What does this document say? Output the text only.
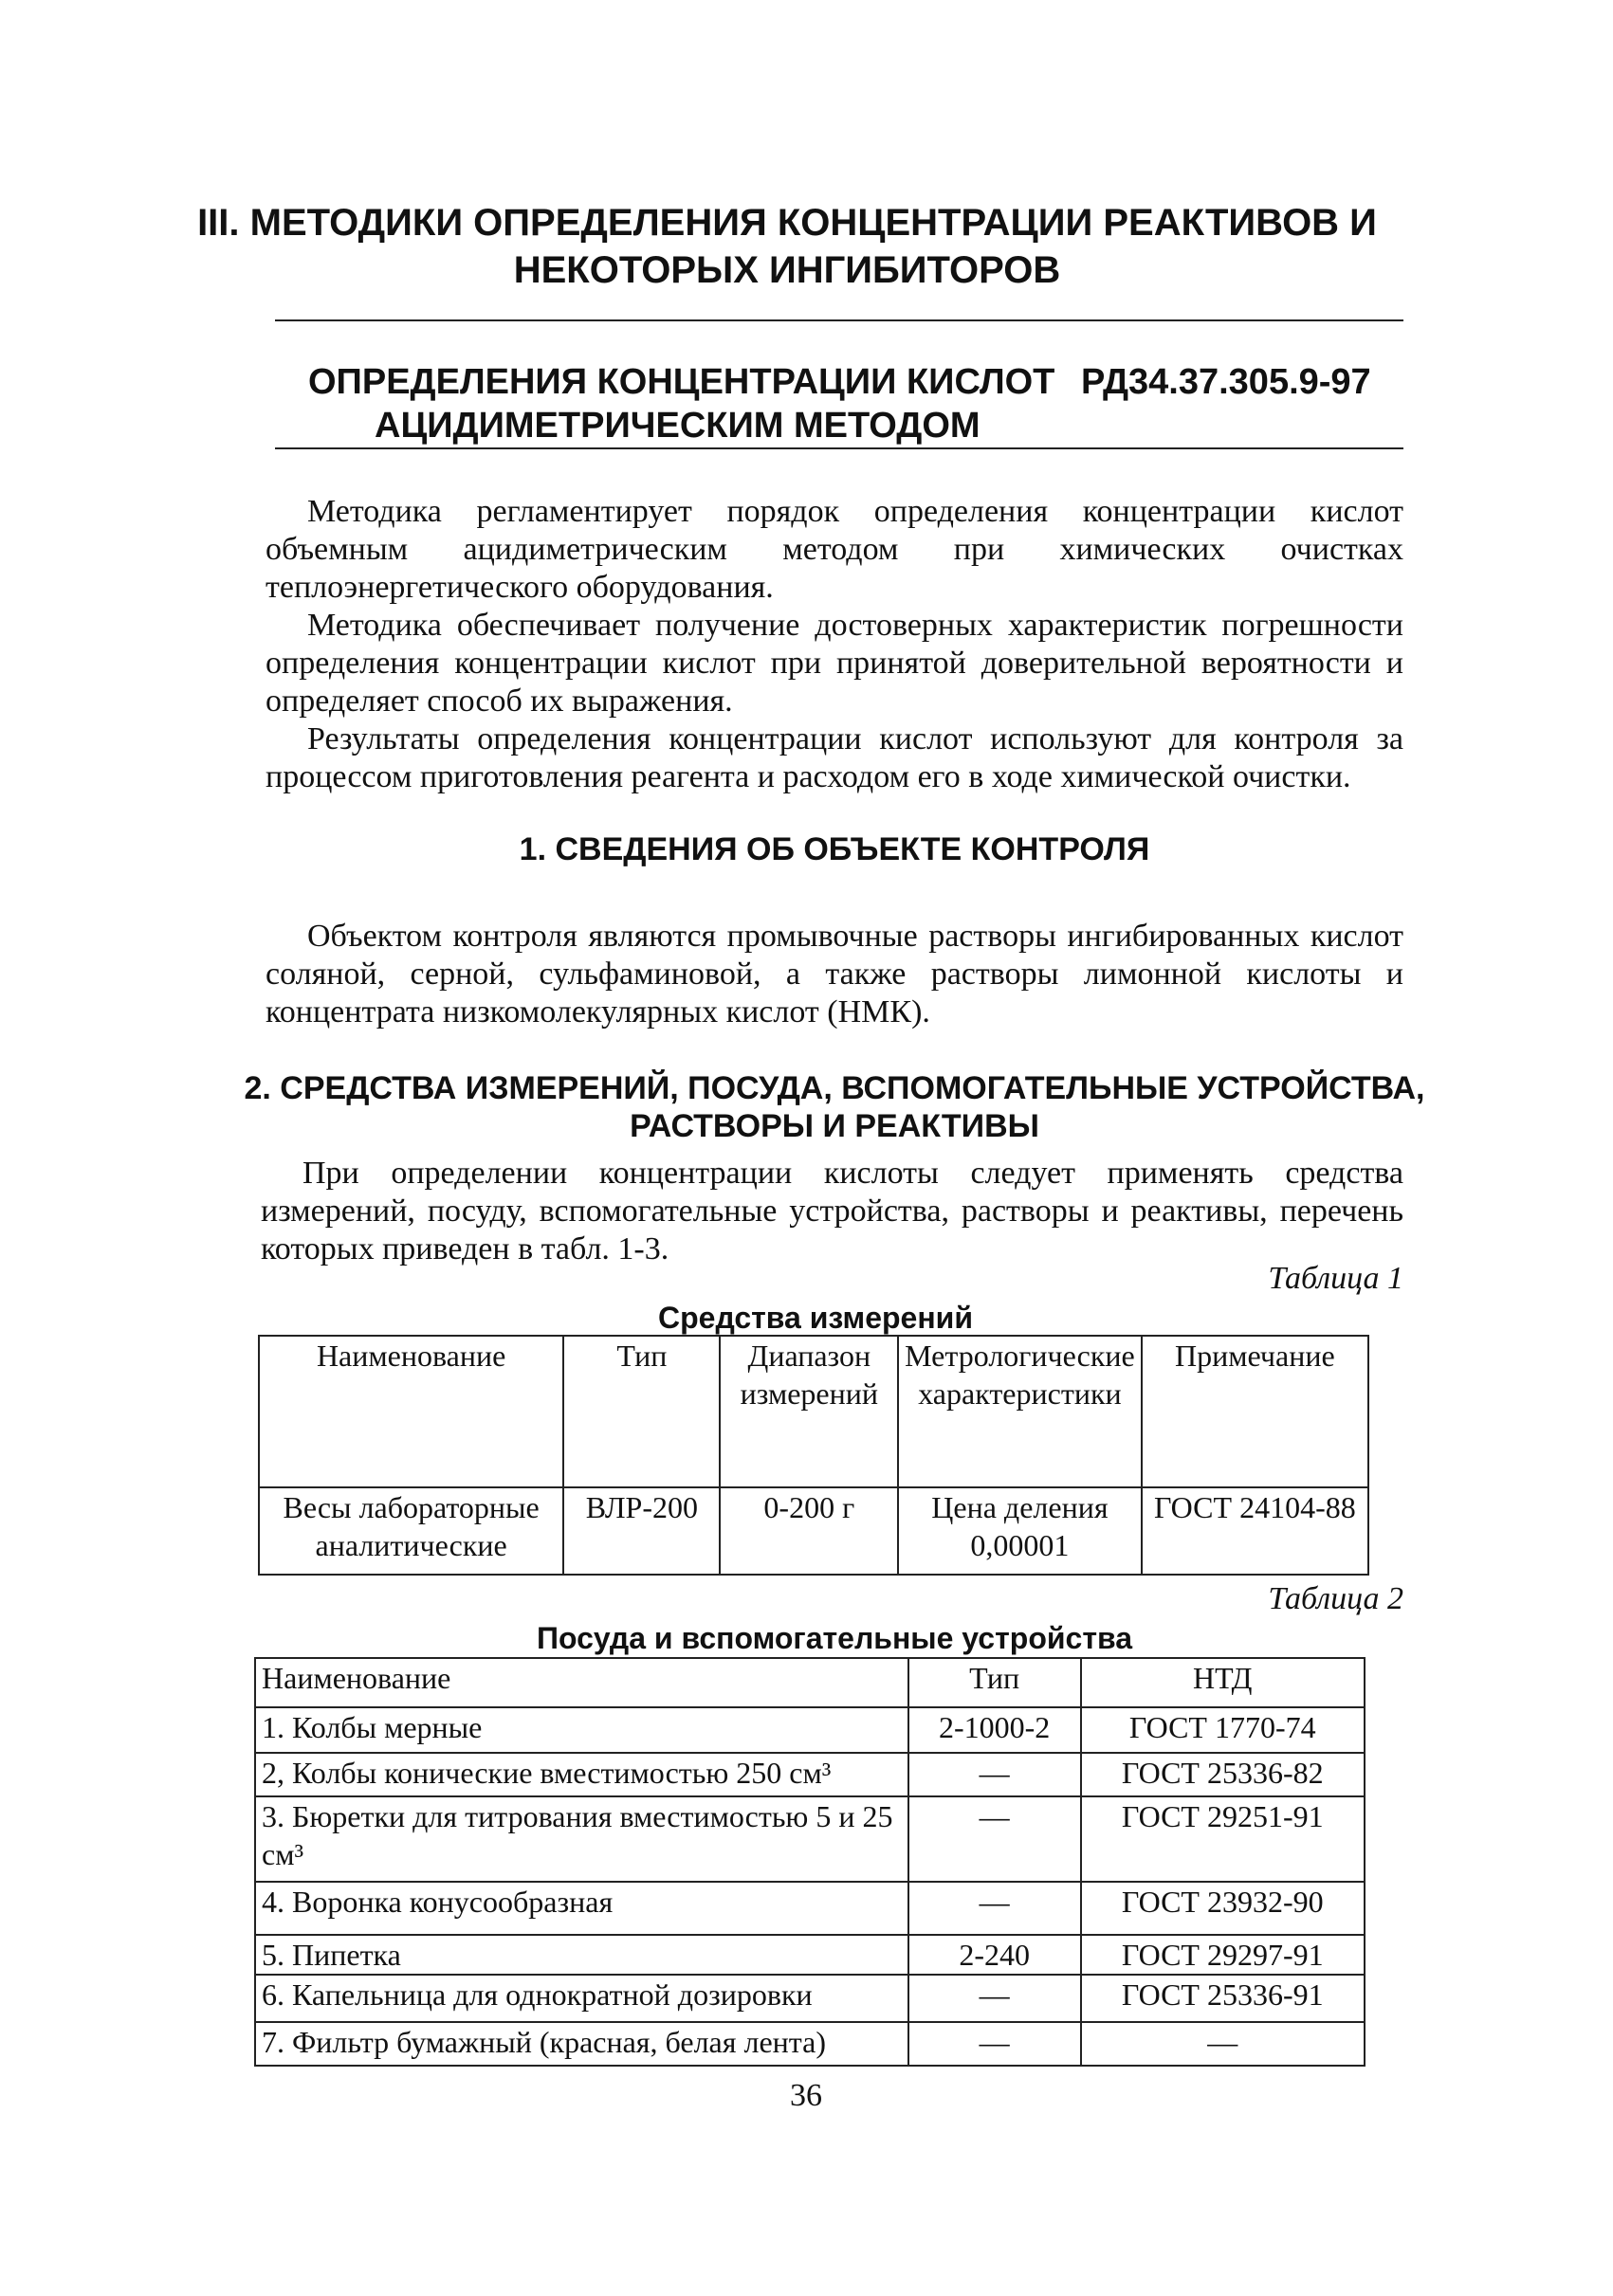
III. МЕТОДИКИ ОПРЕДЕЛЕНИЯ КОНЦЕНТРАЦИИ РЕАКТИВОВ И
НЕКОТОРЫХ ИНГИБИТОРОВ
ОПРЕДЕЛЕНИЯ КОНЦЕНТРАЦИИ КИСЛОТ РД34.37.305.9-97
АЦИДИМЕТРИЧЕСКИМ МЕТОДОМ

Методика регламентирует порядок определения концентрации кислот объемным ацидиметрическим методом при химических очистках теплоэнергетического оборудования.

Методика обеспечивает получение достоверных характеристик погрешности определения концентрации кислот при принятой доверительной вероятности и определяет способ их выражения.

Результаты определения концентрации кислот используют для контроля за процессом приготовления реагента и расходом его в ходе химической очистки.

1. СВЕДЕНИЯ ОБ ОБЪЕКТЕ КОНТРОЛЯ

Объектом контроля являются промывочные растворы ингибированных кислот соляной, серной, сульфаминовой, а также растворы лимонной кислоты и концентрата низкомолекулярных кислот (НМК).

2. СРЕДСТВА ИЗМЕРЕНИЙ, ПОСУДА, ВСПОМОГАТЕЛЬНЫЕ УСТРОЙСТВА,
РАСТВОРЫ И РЕАКТИВЫ

При определении концентрации кислоты следует применять средства измерений, посуду, вспомогательные устройства, растворы и реактивы, перечень которых приведен в табл. 1-3.

Таблица 1
Средства измерений
Наименование	Тип	Диапазон измерений	Метрологические характеристики	Примечание
Весы лабораторные аналитические	ВЛР-200	0-200 г	Цена деления 0,00001	ГОСТ 24104-88
Таблица 2
Посуда и вспомогательные устройства
Наименование	Тип	НТД
1. Колбы мерные	2-1000-2	ГОСТ 1770-74
2, Колбы конические вместимостью 250 см³	—	ГОСТ 25336-82
3. Бюретки для титрования вместимостью 5 и 25 см³	—	ГОСТ 29251-91
4. Воронка конусообразная	—	ГОСТ 23932-90
5. Пипетка	2-240	ГОСТ 29297-91
6. Капельница для однократной дозировки	—	ГОСТ 25336-91
7. Фильтр бумажный (красная, белая лента)	—	—
36
